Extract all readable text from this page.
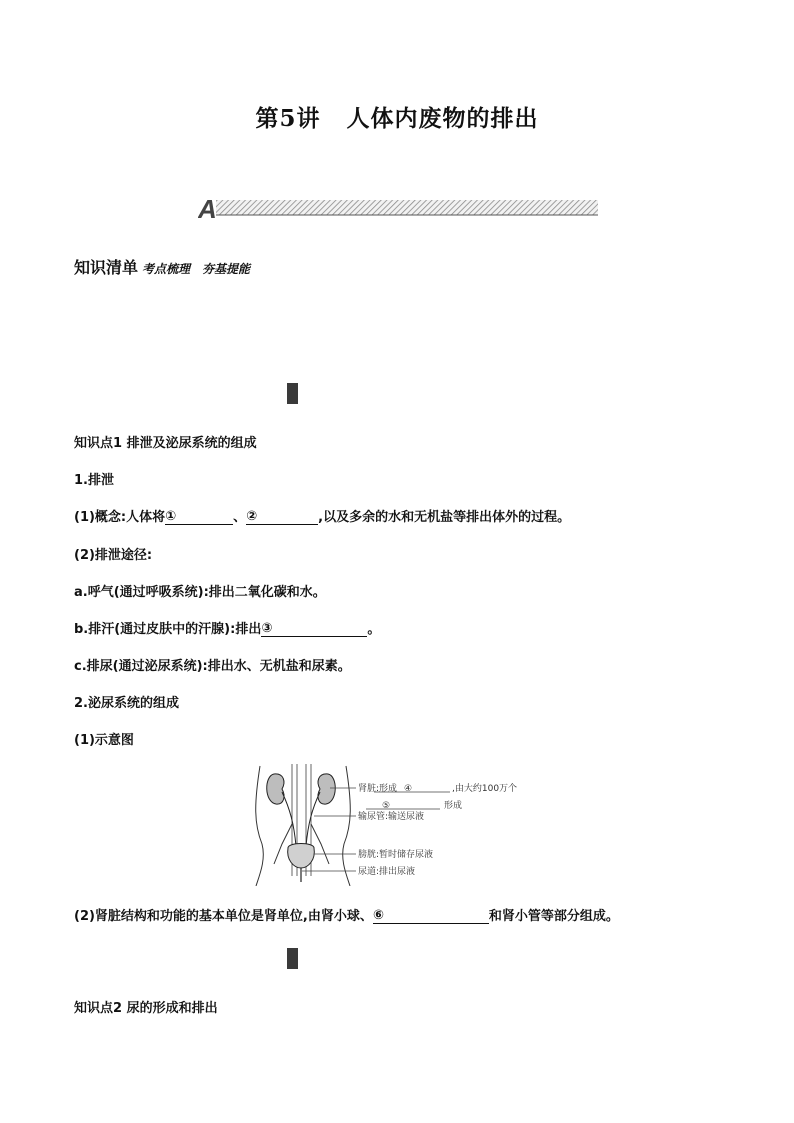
第5讲 人体内废物的排出
A
知识清单 考点梳理 夯基提能
知识点1 排泄及泌尿系统的组成
1.排泄
(1)概念:人体将①	、②	,以及多余的水和无机盐等排出体外的过程。
(2)排泄途径:
a.呼气(通过呼吸系统):排出二氧化碳和水。
b.排汗(通过皮肤中的汗腺):排出③	。
c.排尿(通过泌尿系统):排出水、无机盐和尿素。
2.泌尿系统的组成
(1)示意图
肾脏:形成 ④	,由大约100万个
⑤	形成
输尿管:输送尿液
膀胱:暂时储存尿液
尿道:排出尿液
(2)肾脏结构和功能的基本单位是肾单位,由肾小球、⑥	和肾小管等部分组成。
知识点2 尿的形成和排出
